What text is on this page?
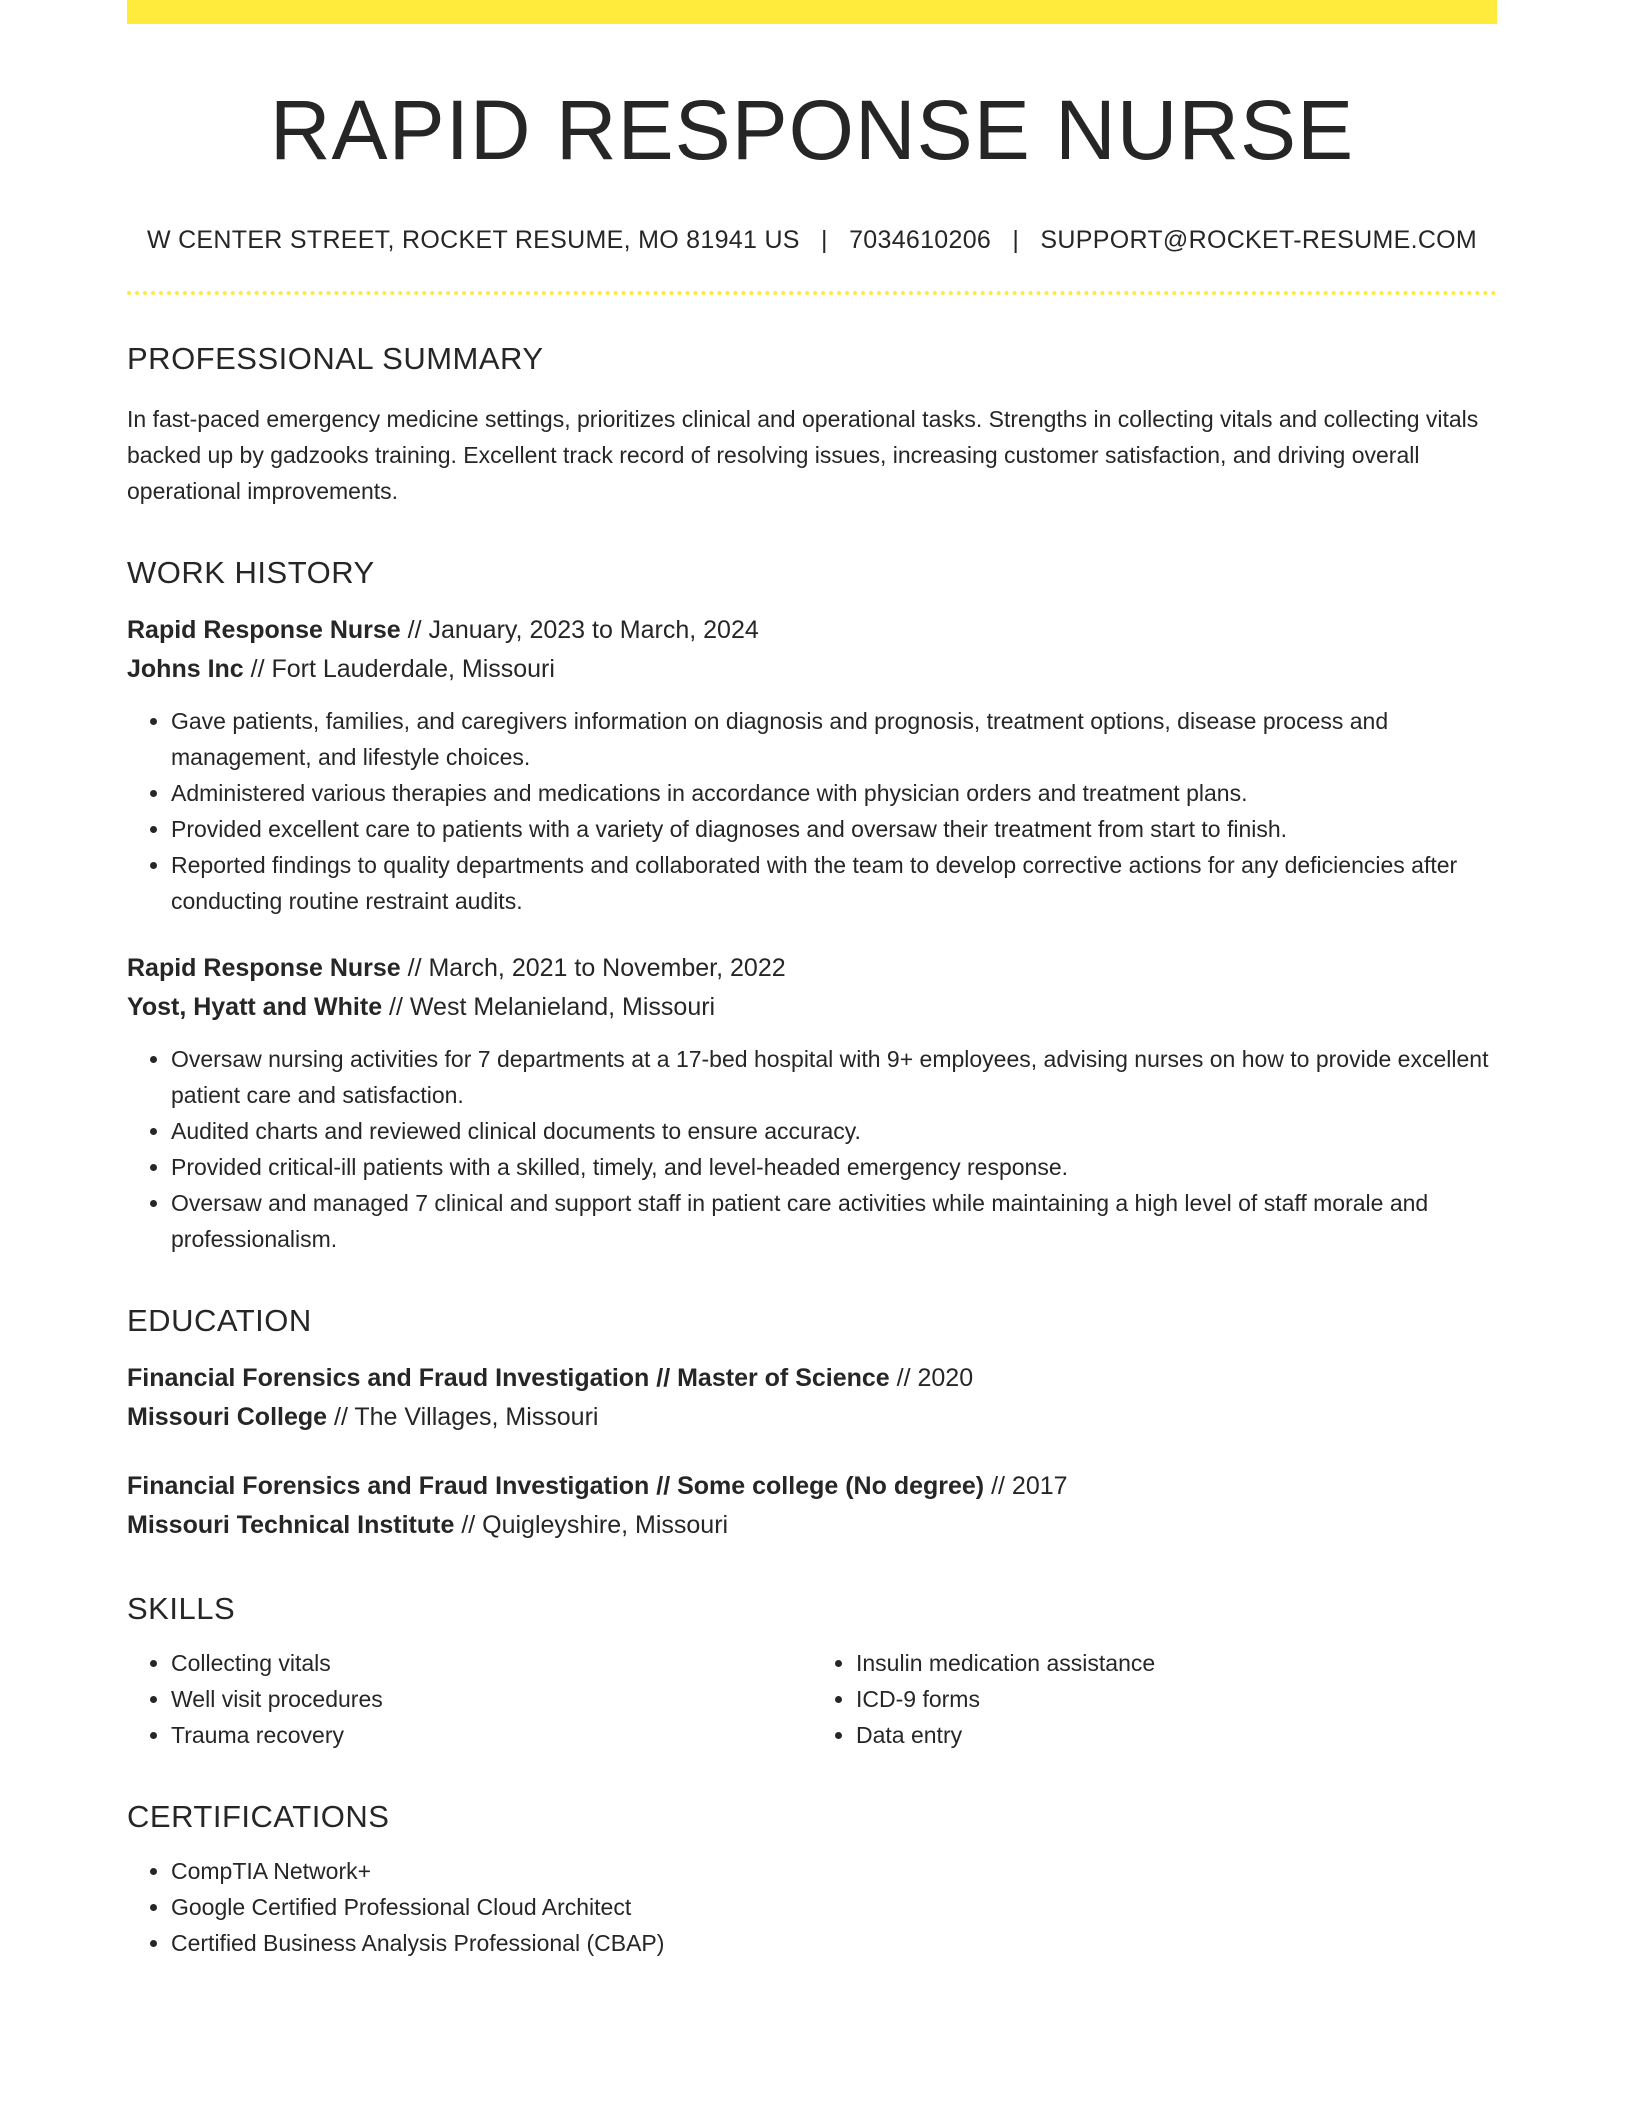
RAPID RESPONSE NURSE
W CENTER STREET, ROCKET RESUME, MO 81941 US | 7034610206 | SUPPORT@ROCKET-RESUME.COM
PROFESSIONAL SUMMARY
In fast-paced emergency medicine settings, prioritizes clinical and operational tasks. Strengths in collecting vitals and collecting vitals backed up by gadzooks training. Excellent track record of resolving issues, increasing customer satisfaction, and driving overall operational improvements.
WORK HISTORY
Rapid Response Nurse // January, 2023 to March, 2024
Johns Inc // Fort Lauderdale, Missouri
• Gave patients, families, and caregivers information on diagnosis and prognosis, treatment options, disease process and management, and lifestyle choices.
• Administered various therapies and medications in accordance with physician orders and treatment plans.
• Provided excellent care to patients with a variety of diagnoses and oversaw their treatment from start to finish.
• Reported findings to quality departments and collaborated with the team to develop corrective actions for any deficiencies after conducting routine restraint audits.
Rapid Response Nurse // March, 2021 to November, 2022
Yost, Hyatt and White // West Melanieland, Missouri
• Oversaw nursing activities for 7 departments at a 17-bed hospital with 9+ employees, advising nurses on how to provide excellent patient care and satisfaction.
• Audited charts and reviewed clinical documents to ensure accuracy.
• Provided critical-ill patients with a skilled, timely, and level-headed emergency response.
• Oversaw and managed 7 clinical and support staff in patient care activities while maintaining a high level of staff morale and professionalism.
EDUCATION
Financial Forensics and Fraud Investigation // Master of Science // 2020
Missouri College // The Villages, Missouri
Financial Forensics and Fraud Investigation // Some college (No degree) // 2017
Missouri Technical Institute // Quigleyshire, Missouri
SKILLS
• Collecting vitals
• Well visit procedures
• Trauma recovery
• Insulin medication assistance
• ICD-9 forms
• Data entry
CERTIFICATIONS
• CompTIA Network+
• Google Certified Professional Cloud Architect
• Certified Business Analysis Professional (CBAP)
